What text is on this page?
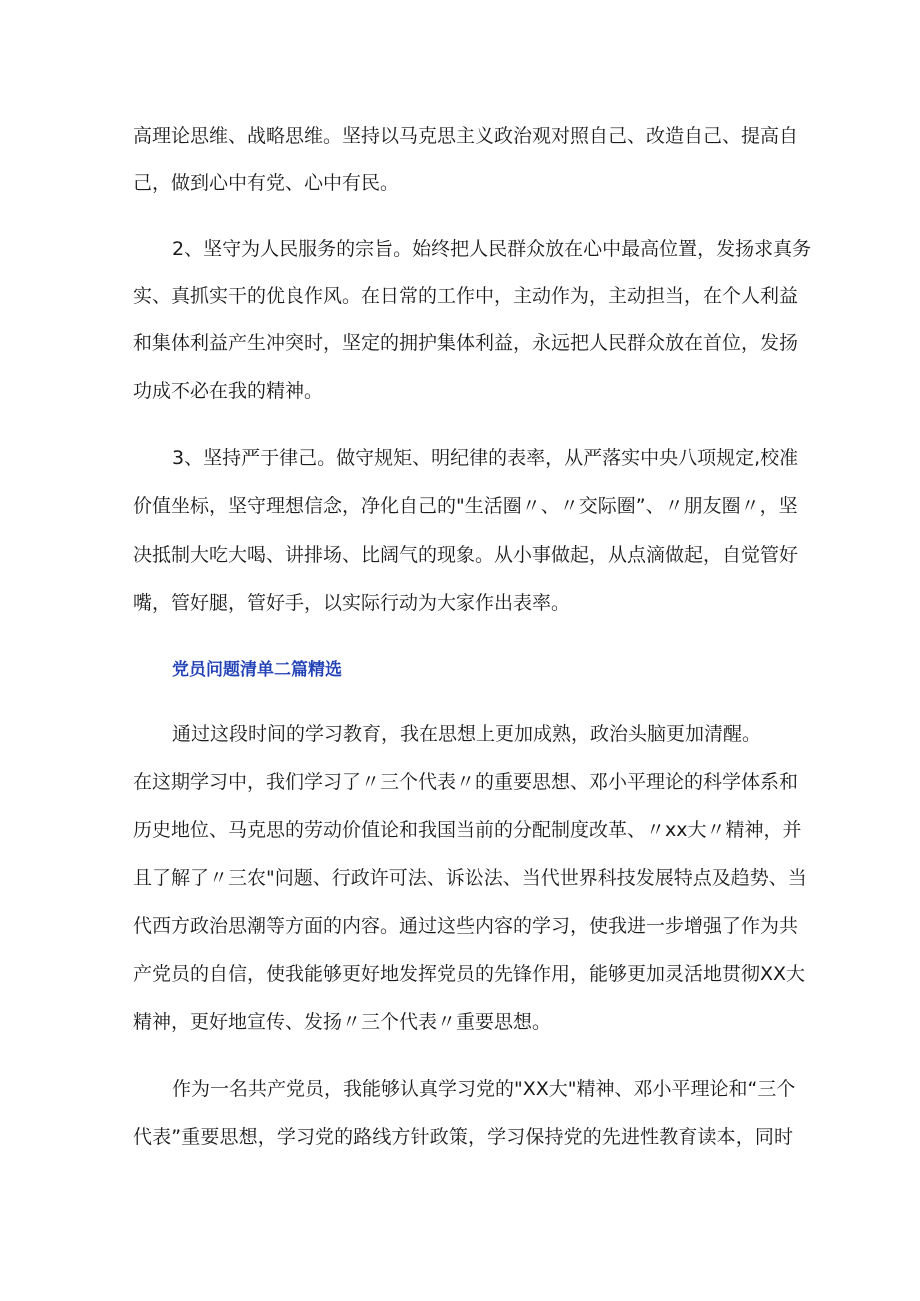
高理论思维、战略思维。坚持以马克思主义政治观对照自己、改造自己、提高自
己，做到心中有党、心中有民。
2、坚守为人民服务的宗旨。始终把人民群众放在心中最高位置，发扬求真务
实、真抓实干的优良作风。在日常的工作中，主动作为，主动担当，在个人利益
和集体利益产生冲突时，坚定的拥护集体利益，永远把人民群众放在首位，发扬
功成不必在我的精神。
3、坚持严于律己。做守规矩、明纪律的表率，从严落实中央八项规定,校准
价值坐标，坚守理想信念，净化自己的"生活圈〃、〃交际圈”、〃朋友圈〃，坚
决抵制大吃大喝、讲排场、比阔气的现象。从小事做起，从点滴做起，自觉管好
嘴，管好腿，管好手，以实际行动为大家作出表率。
党员问题清单二篇精选
通过这段时间的学习教育，我在思想上更加成熟，政治头脑更加清醒。
在这期学习中，我们学习了〃三个代表〃的重要思想、邓小平理论的科学体系和
历史地位、马克思的劳动价值论和我国当前的分配制度改革、〃xx大〃精神，并
且了解了〃三农"问题、行政许可法、诉讼法、当代世界科技发展特点及趋势、当
代西方政治思潮等方面的内容。通过这些内容的学习，使我进一步增强了作为共
产党员的自信，使我能够更好地发挥党员的先锋作用，能够更加灵活地贯彻XX大
精神，更好地宣传、发扬〃三个代表〃重要思想。
作为一名共产党员，我能够认真学习党的"XX大"精神、邓小平理论和“三个
代表”重要思想，学习党的路线方针政策，学习保持党的先进性教育读本，同时
